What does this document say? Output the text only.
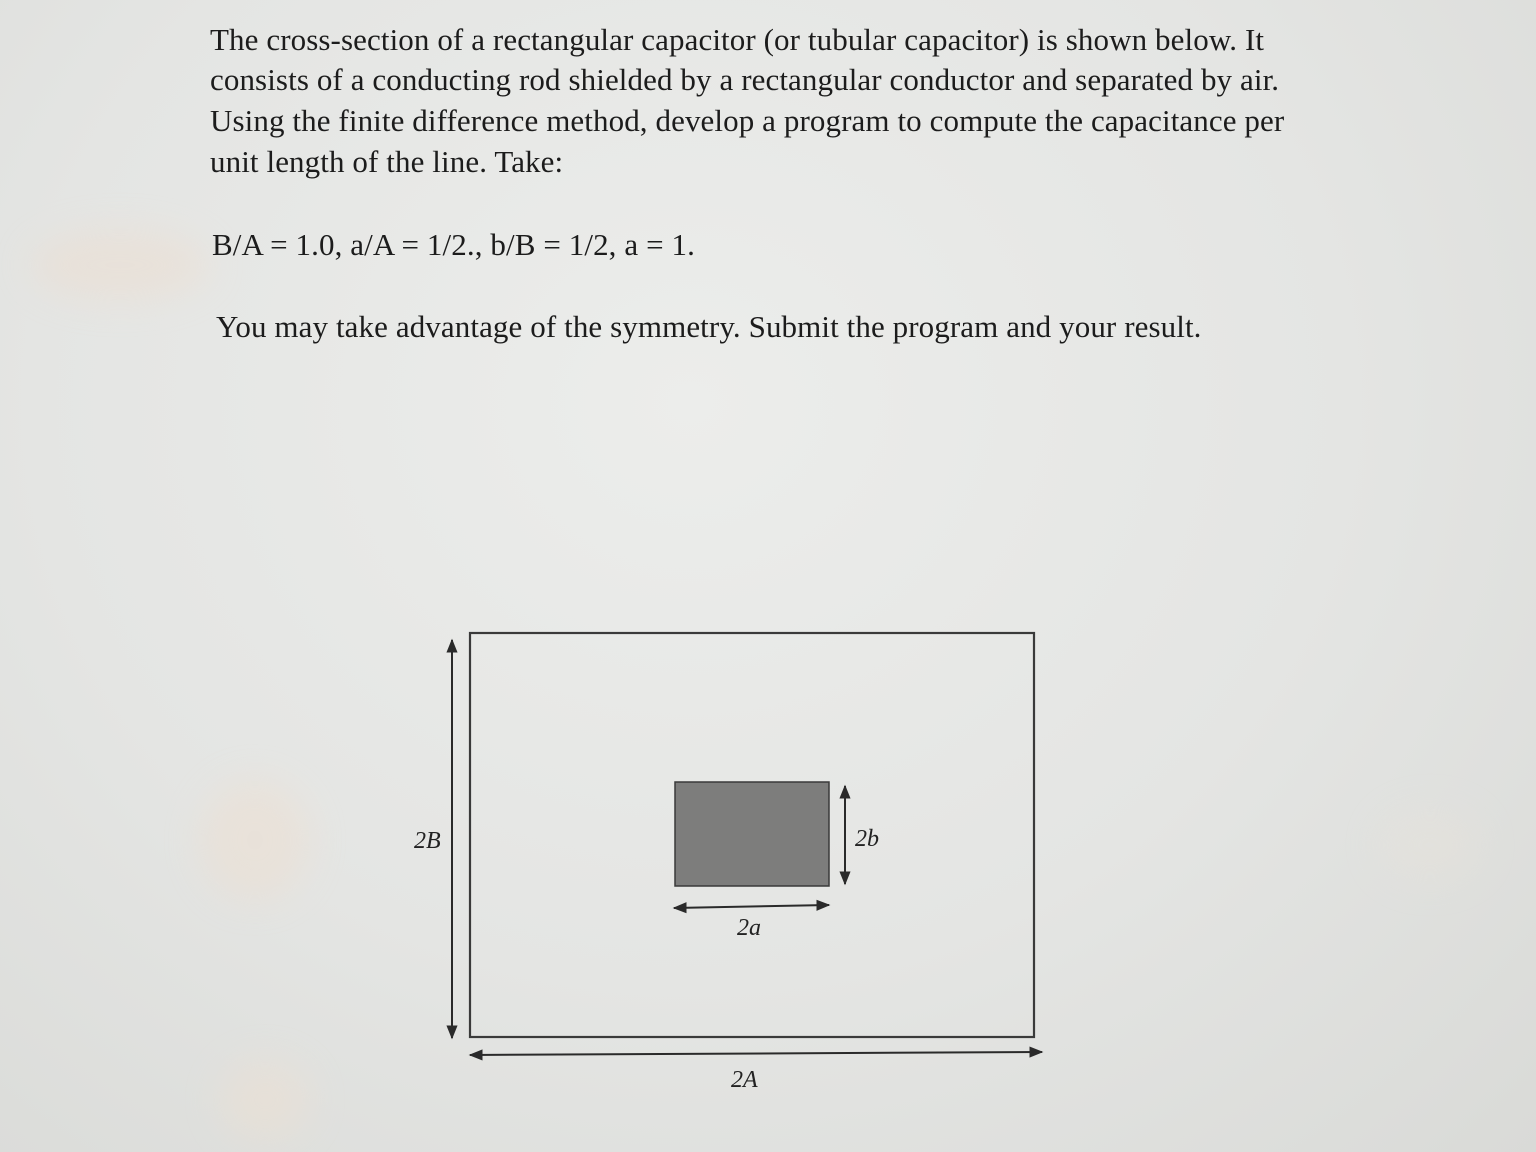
The cross-section of a rectangular capacitor (or tubular capacitor) is shown below. It
consists of a conducting rod shielded by a rectangular conductor and separated by air.
Using the finite difference method, develop a program to compute the capacitance per
unit length of the line. Take:
B/A = 1.0, a/A = 1/2., b/B = 1/2, a = 1.
You may take advantage of the symmetry. Submit the program and your result.
2B
2A
2b
2a
